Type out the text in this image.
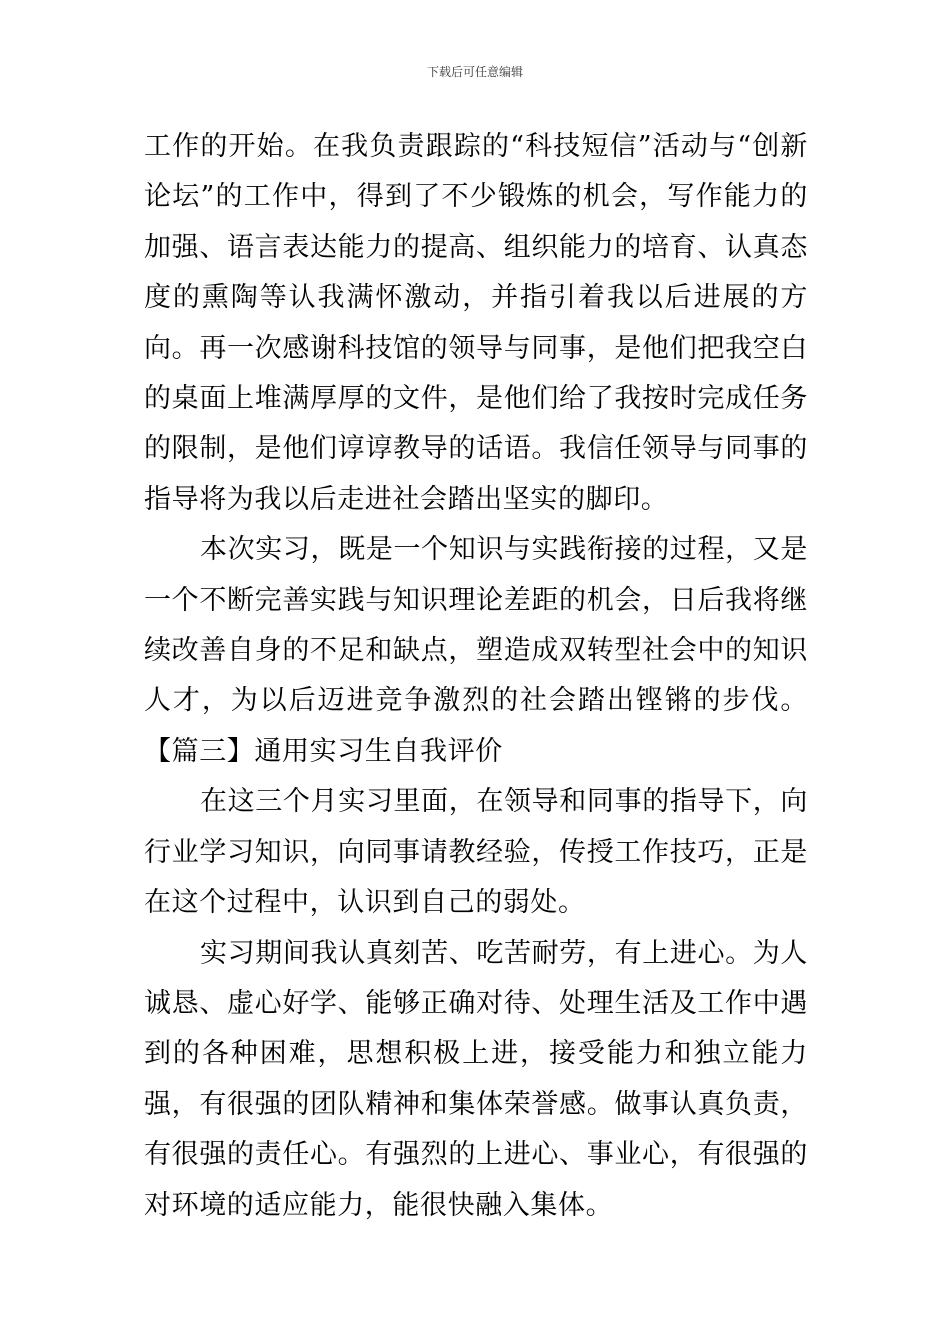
下载后可任意编辑

工作的开始。在我负责跟踪的“科技短信”活动与“创新论坛”的工作中，得到了不少锻炼的机会，写作能力的加强、语言表达能力的提高、组织能力的培育、认真态度的熏陶等认我满怀激动，并指引着我以后进展的方向。再一次感谢科技馆的领导与同事，是他们把我空白的桌面上堆满厚厚的文件，是他们给了我按时完成任务的限制，是他们谆谆教导的话语。我信任领导与同事的指导将为我以后走进社会踏出坚实的脚印。

本次实习，既是一个知识与实践衔接的过程，又是一个不断完善实践与知识理论差距的机会，日后我将继续改善自身的不足和缺点，塑造成双转型社会中的知识人才，为以后迈进竞争激烈的社会踏出铿锵的步伐。【篇三】通用实习生自我评价

在这三个月实习里面，在领导和同事的指导下，向行业学习知识，向同事请教经验，传授工作技巧，正是在这个过程中，认识到自己的弱处。

实习期间我认真刻苦、吃苦耐劳，有上进心。为人诚恳、虚心好学、能够正确对待、处理生活及工作中遇到的各种困难，思想积极上进，接受能力和独立能力强，有很强的团队精神和集体荣誉感。做事认真负责，有很强的责任心。有强烈的上进心、事业心，有很强的对环境的适应能力，能很快融入集体。
